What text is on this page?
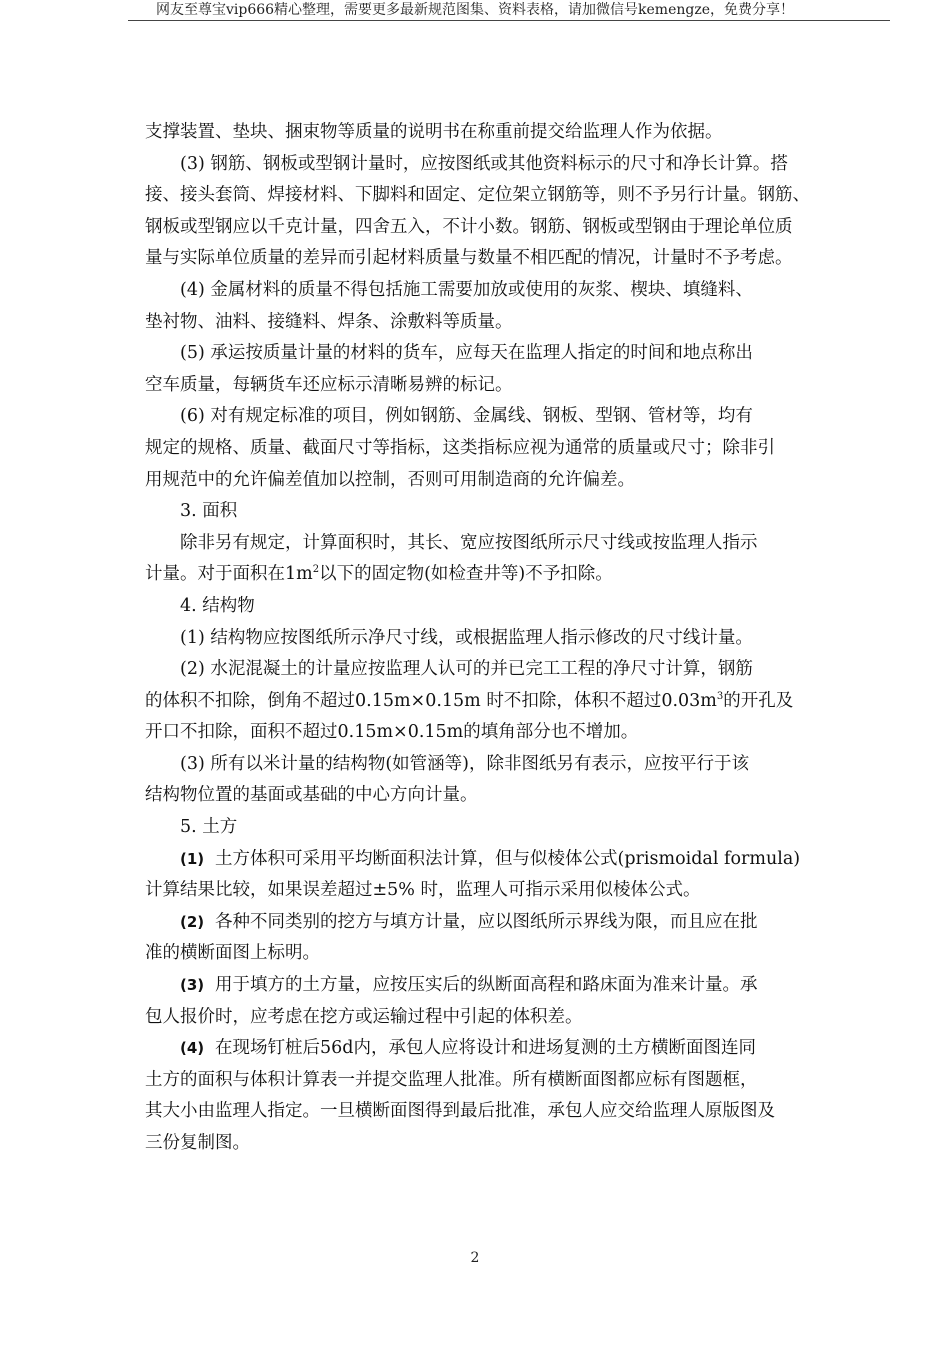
网友至尊宝vip666精心整理，需要更多最新规范图集、资料表格，请加微信号kemengze，免费分享！
支撑装置、垫块、捆束物等质量的说明书在称重前提交给监理人作为依据。
(3) 钢筋、钢板或型钢计量时，应按图纸或其他资料标示的尺寸和净长计算。搭
接、接头套筒、焊接材料、下脚料和固定、定位架立钢筋等，则不予另行计量。钢筋、
钢板或型钢应以千克计量，四舍五入，不计小数。钢筋、钢板或型钢由于理论单位质
量与实际单位质量的差异而引起材料质量与数量不相匹配的情况，计量时不予考虑。
(4) 金属材料的质量不得包括施工需要加放或使用的灰浆、楔块、填缝料、
垫衬物、油料、接缝料、焊条、涂敷料等质量。
(5) 承运按质量计量的材料的货车，应每天在监理人指定的时间和地点称出
空车质量，每辆货车还应标示清晰易辨的标记。
(6) 对有规定标准的项目，例如钢筋、金属线、钢板、型钢、管材等，均有
规定的规格、质量、截面尺寸等指标，这类指标应视为通常的质量或尺寸；除非引
用规范中的允许偏差值加以控制，否则可用制造商的允许偏差。
3. 面积
除非另有规定，计算面积时，其长、宽应按图纸所示尺寸线或按监理人指示
计量。对于面积在$1m^2$以下的固定物(如检查井等)不予扣除。
4. 结构物
(1) 结构物应按图纸所示净尺寸线，或根据监理人指示修改的尺寸线计量。
(2) 水泥混凝土的计量应按监理人认可的并已完工工程的净尺寸计算，钢筋
的体积不扣除，倒角不超过0.15m×0.15m 时不扣除，体积不超过$0.03m^3$的开孔及
开口不扣除，面积不超过0.15m×0.15m的填角部分也不增加。
(3) 所有以米计量的结构物(如管涵等)，除非图纸另有表示，应按平行于该
结构物位置的基面或基础的中心方向计量。
5. 土方
(1) 土方体积可采用平均断面积法计算，但与似棱体公式(prismoidal formula)
计算结果比较，如果误差超过±5% 时，监理人可指示采用似棱体公式。
(2) 各种不同类别的挖方与填方计量，应以图纸所示界线为限，而且应在批
准的横断面图上标明。
(3) 用于填方的土方量，应按压实后的纵断面高程和路床面为准来计量。承
包人报价时，应考虑在挖方或运输过程中引起的体积差。
(4) 在现场钉桩后56d内，承包人应将设计和进场复测的土方横断面图连同
土方的面积与体积计算表一并提交监理人批准。所有横断面图都应标有图题框，
其大小由监理人指定。一旦横断面图得到最后批准，承包人应交给监理人原版图及
三份复制图。
2
